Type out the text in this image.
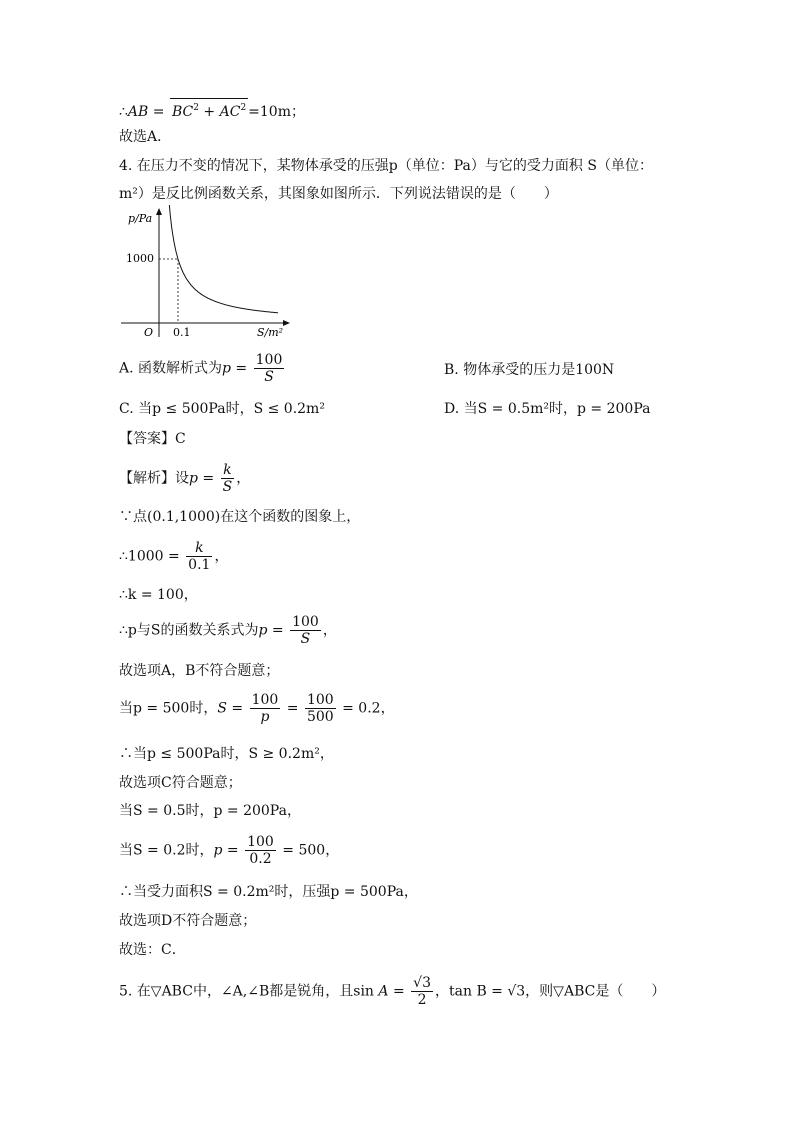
∴AB = $BC^2 + AC^2 =10m$；
故选A．
4. 在压力不变的情况下，某物体承受的压强p（单位：Pa）与它的受力面积 S（单位：
m²）是反比例函数关系，其图象如图所示．下列说法错误的是（　　）
p/Pa
O
1000
0.1	S/m²
A. 函数解析式为$p = \frac{100}{S}$	B. 物体承受的压力是100N
C. 当p ≤ 500Pa时，S ≤ 0.2m²	D. 当S = 0.5m²时，p = 200Pa
【答案】C
【解析】设$p = \frac{k}{S}$ ，
∵点(0.1,1000)在这个函数的图象上，
∴1000 = $\frac{k}{0.1}$ ，
∴k = 100，
∴p与S的函数关系式为$p = \frac{100}{S}$ ，
故选项A，B不符合题意；
当p = 500时，$S = \frac{100}{p} = \frac{100}{500} = 0.2$，
∴当p ≤ 500Pa时，S ≥ 0.2m²，
故选项C符合题意；
当S = 0.5时，p = 200Pa，
当S = 0.2时，$p = \frac{100}{0.2} = 500$，
∴当受力面积S = 0.2m²时，压强p = 500Pa，
故选项D不符合题意；
故选：C．
5. 在▽ABC中，∠A,∠B都是锐角，且$\sin A = \frac{√3}{2}$ ，tan B = √3，则▽ABC是（　　）
